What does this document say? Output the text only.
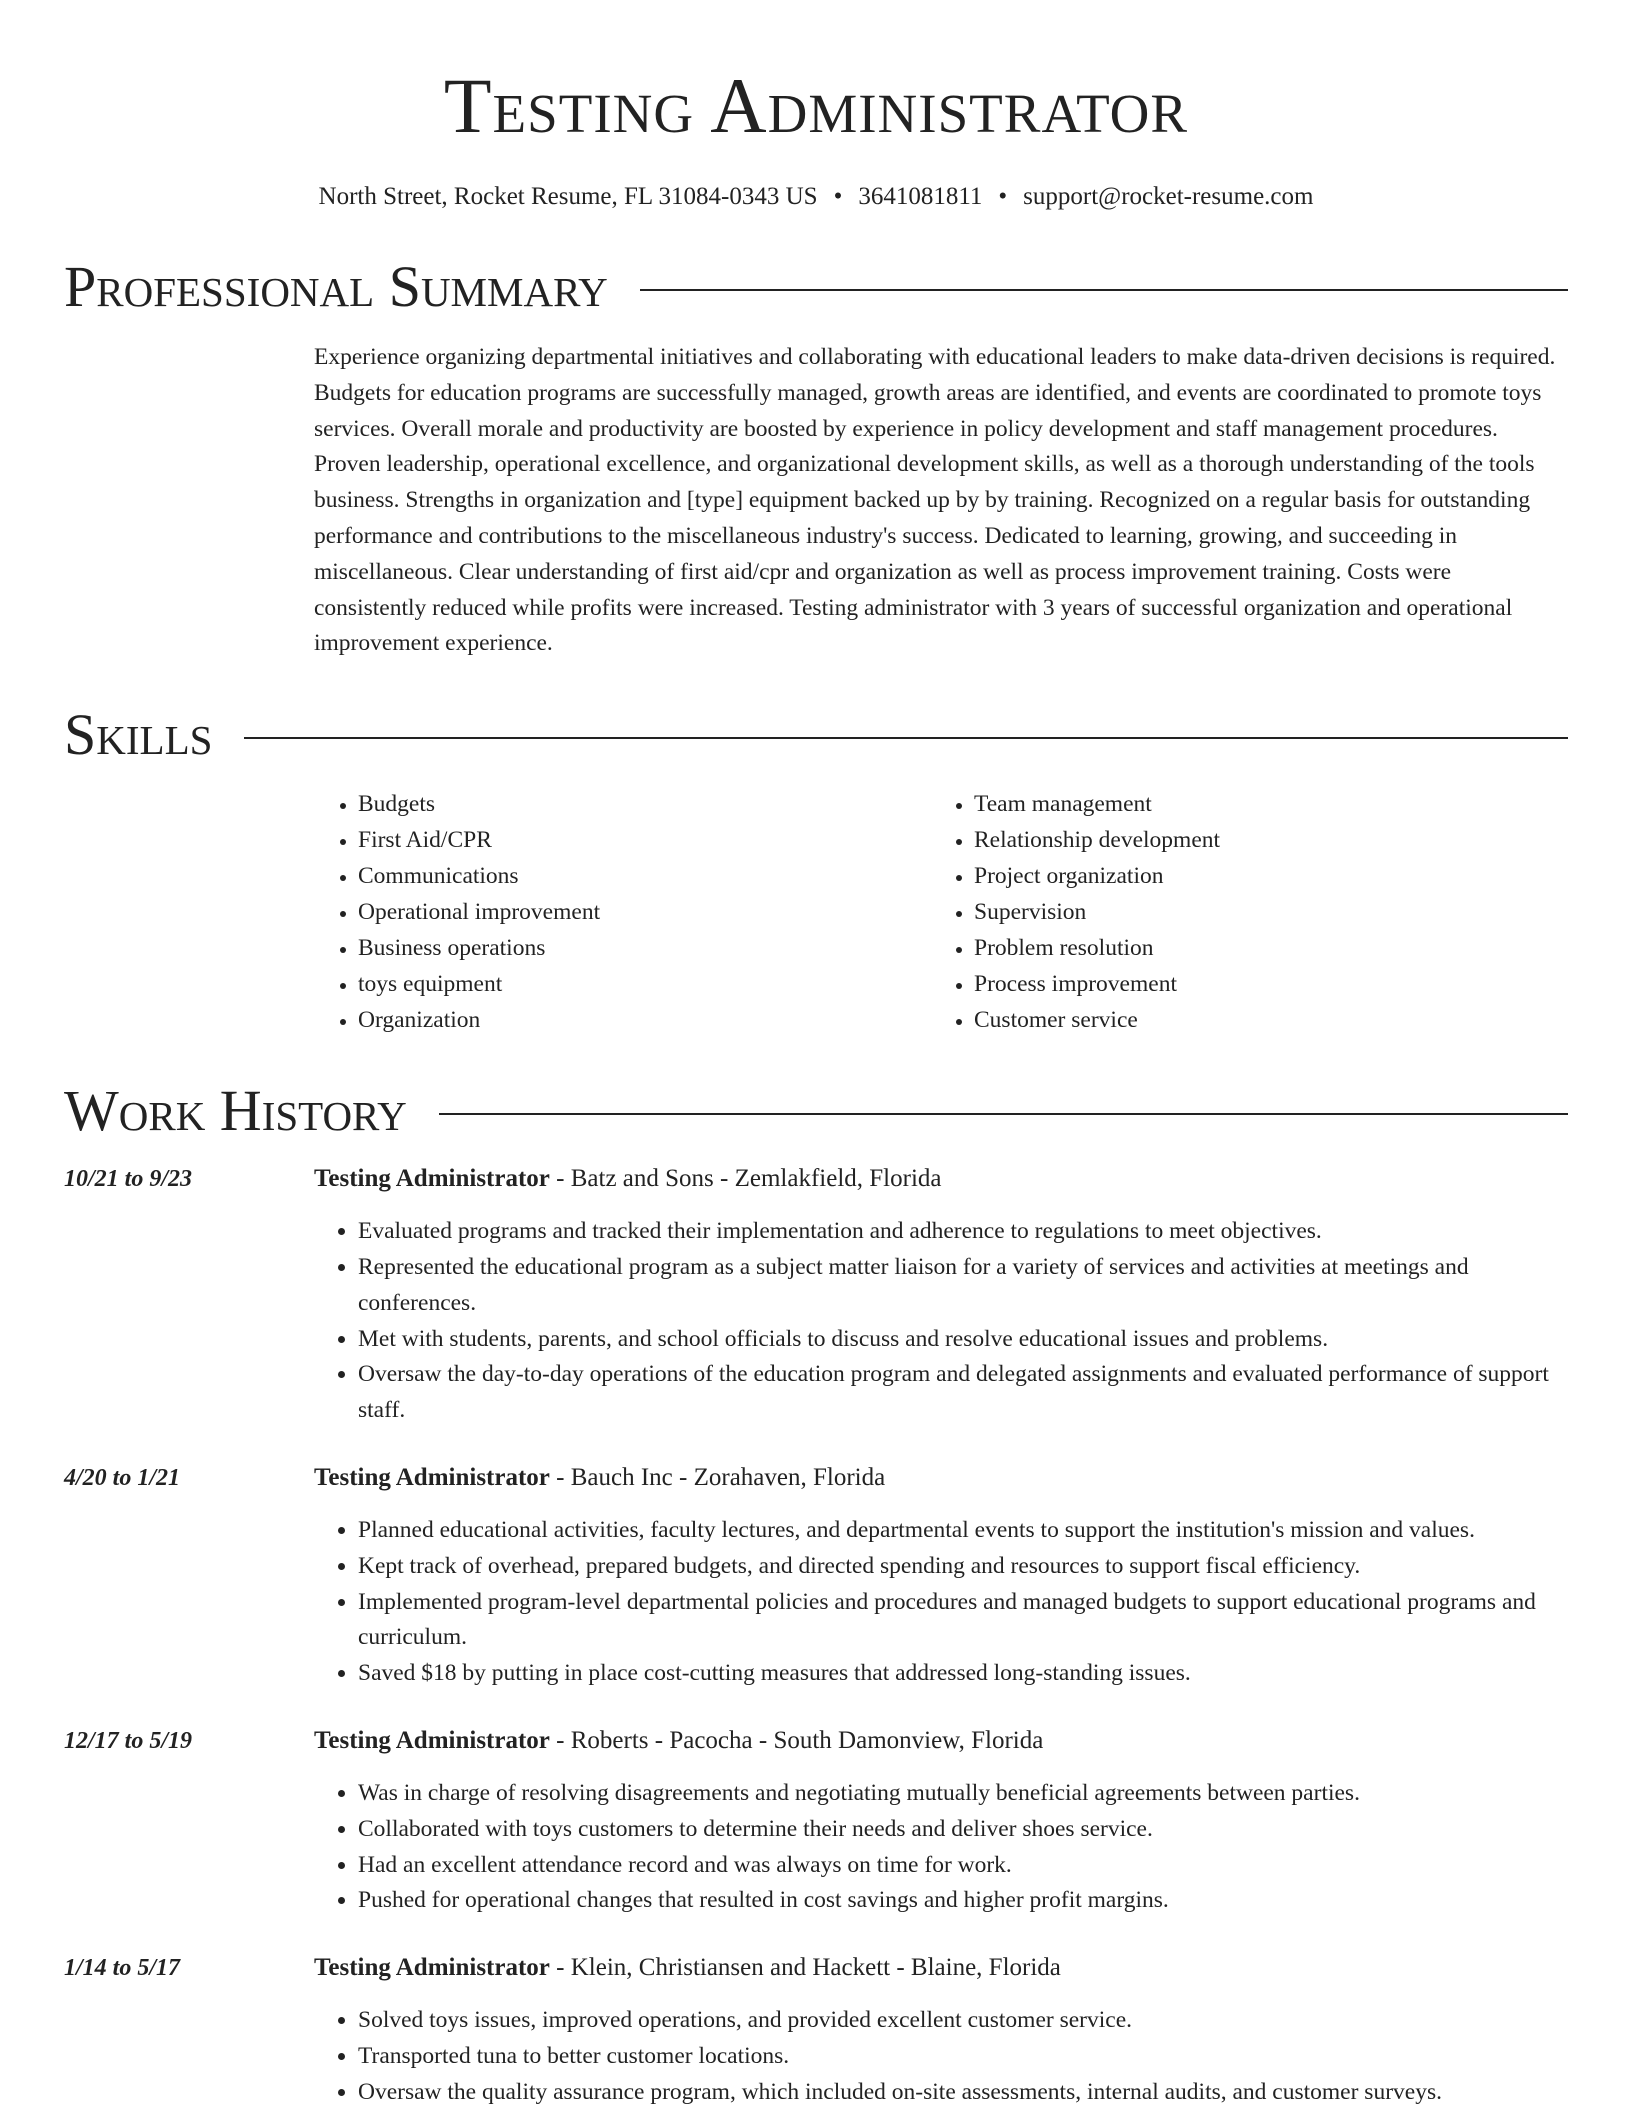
Testing Administrator
North Street, Rocket Resume, FL 31084-0343 US • 3641081811 • support@rocket-resume.com
Professional Summary
Experience organizing departmental initiatives and collaborating with educational leaders to make data-driven decisions is required. Budgets for education programs are successfully managed, growth areas are identified, and events are coordinated to promote toys services. Overall morale and productivity are boosted by experience in policy development and staff management procedures. Proven leadership, operational excellence, and organizational development skills, as well as a thorough understanding of the tools business. Strengths in organization and [type] equipment backed up by by training. Recognized on a regular basis for outstanding performance and contributions to the miscellaneous industry's success. Dedicated to learning, growing, and succeeding in miscellaneous. Clear understanding of first aid/cpr and organization as well as process improvement training. Costs were consistently reduced while profits were increased. Testing administrator with 3 years of successful organization and operational improvement experience.
Skills
• Budgets
• First Aid/CPR
• Communications
• Operational improvement
• Business operations
• toys equipment
• Organization
• Team management
• Relationship development
• Project organization
• Supervision
• Problem resolution
• Process improvement
• Customer service
Work History
10/21 to 9/23	Testing Administrator - Batz and Sons - Zemlakfield, Florida
• Evaluated programs and tracked their implementation and adherence to regulations to meet objectives.
• Represented the educational program as a subject matter liaison for a variety of services and activities at meetings and conferences.
• Met with students, parents, and school officials to discuss and resolve educational issues and problems.
• Oversaw the day-to-day operations of the education program and delegated assignments and evaluated performance of support staff.
4/20 to 1/21	Testing Administrator - Bauch Inc - Zorahaven, Florida
• Planned educational activities, faculty lectures, and departmental events to support the institution's mission and values.
• Kept track of overhead, prepared budgets, and directed spending and resources to support fiscal efficiency.
• Implemented program-level departmental policies and procedures and managed budgets to support educational programs and curriculum.
• Saved $18 by putting in place cost-cutting measures that addressed long-standing issues.
12/17 to 5/19	Testing Administrator - Roberts - Pacocha - South Damonview, Florida
• Was in charge of resolving disagreements and negotiating mutually beneficial agreements between parties.
• Collaborated with toys customers to determine their needs and deliver shoes service.
• Had an excellent attendance record and was always on time for work.
• Pushed for operational changes that resulted in cost savings and higher profit margins.
1/14 to 5/17	Testing Administrator - Klein, Christiansen and Hackett - Blaine, Florida
• Solved toys issues, improved operations, and provided excellent customer service.
• Transported tuna to better customer locations.
• Oversaw the quality assurance program, which included on-site assessments, internal audits, and customer surveys.
